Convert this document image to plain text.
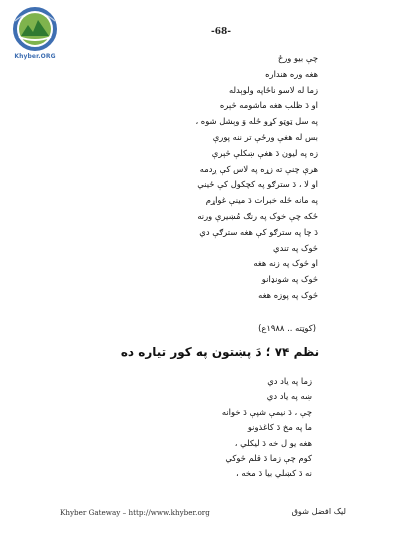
Khyber.ORG
-68-
چې بيو ورځ
هغه وره هنداره
زما له لاسو ناځاپه ولوېدله
او دَ ظلب هغه ماشومه څېره
په سل ټوټو کړو ځله وَ وېشل شوه ،
بس له هغې ورځې تر ننه پورې
زه په ليون دَ هغې ښکلې څېرې
هرې چنې ته زړه په لاس کې ږدمه
او لا ، دَ سترګو په کچکول کې ځيني
په مانه څله خبرات دَ مينې غواړم
ځکه چې خوک په رنګ مُښيرې ورنه
دَ چا په سترګو کې هغه سترګې دي
څوک په تندي
او څوک په زنه هغه
څوک په شونډانو
څوک په پوزه هغه
(کوټته .. ۱۹۸۸ع)
نظم ۷۴ ؛ دَ پښتون په کور تياره ده
زما په ياد دي
ښه په ياد دي
چې ، دَ نيمې شپې دَ خوانه
ما په مخ دَ کاغذونو
هغه يو ل خه دَ ليکلي ،
کوم چې زما دَ قلم څوکي
نه دَ کښلي بيا دَ مخه ،
Khyber Gateway – http://www.khyber.org	لیک افضل شوق
